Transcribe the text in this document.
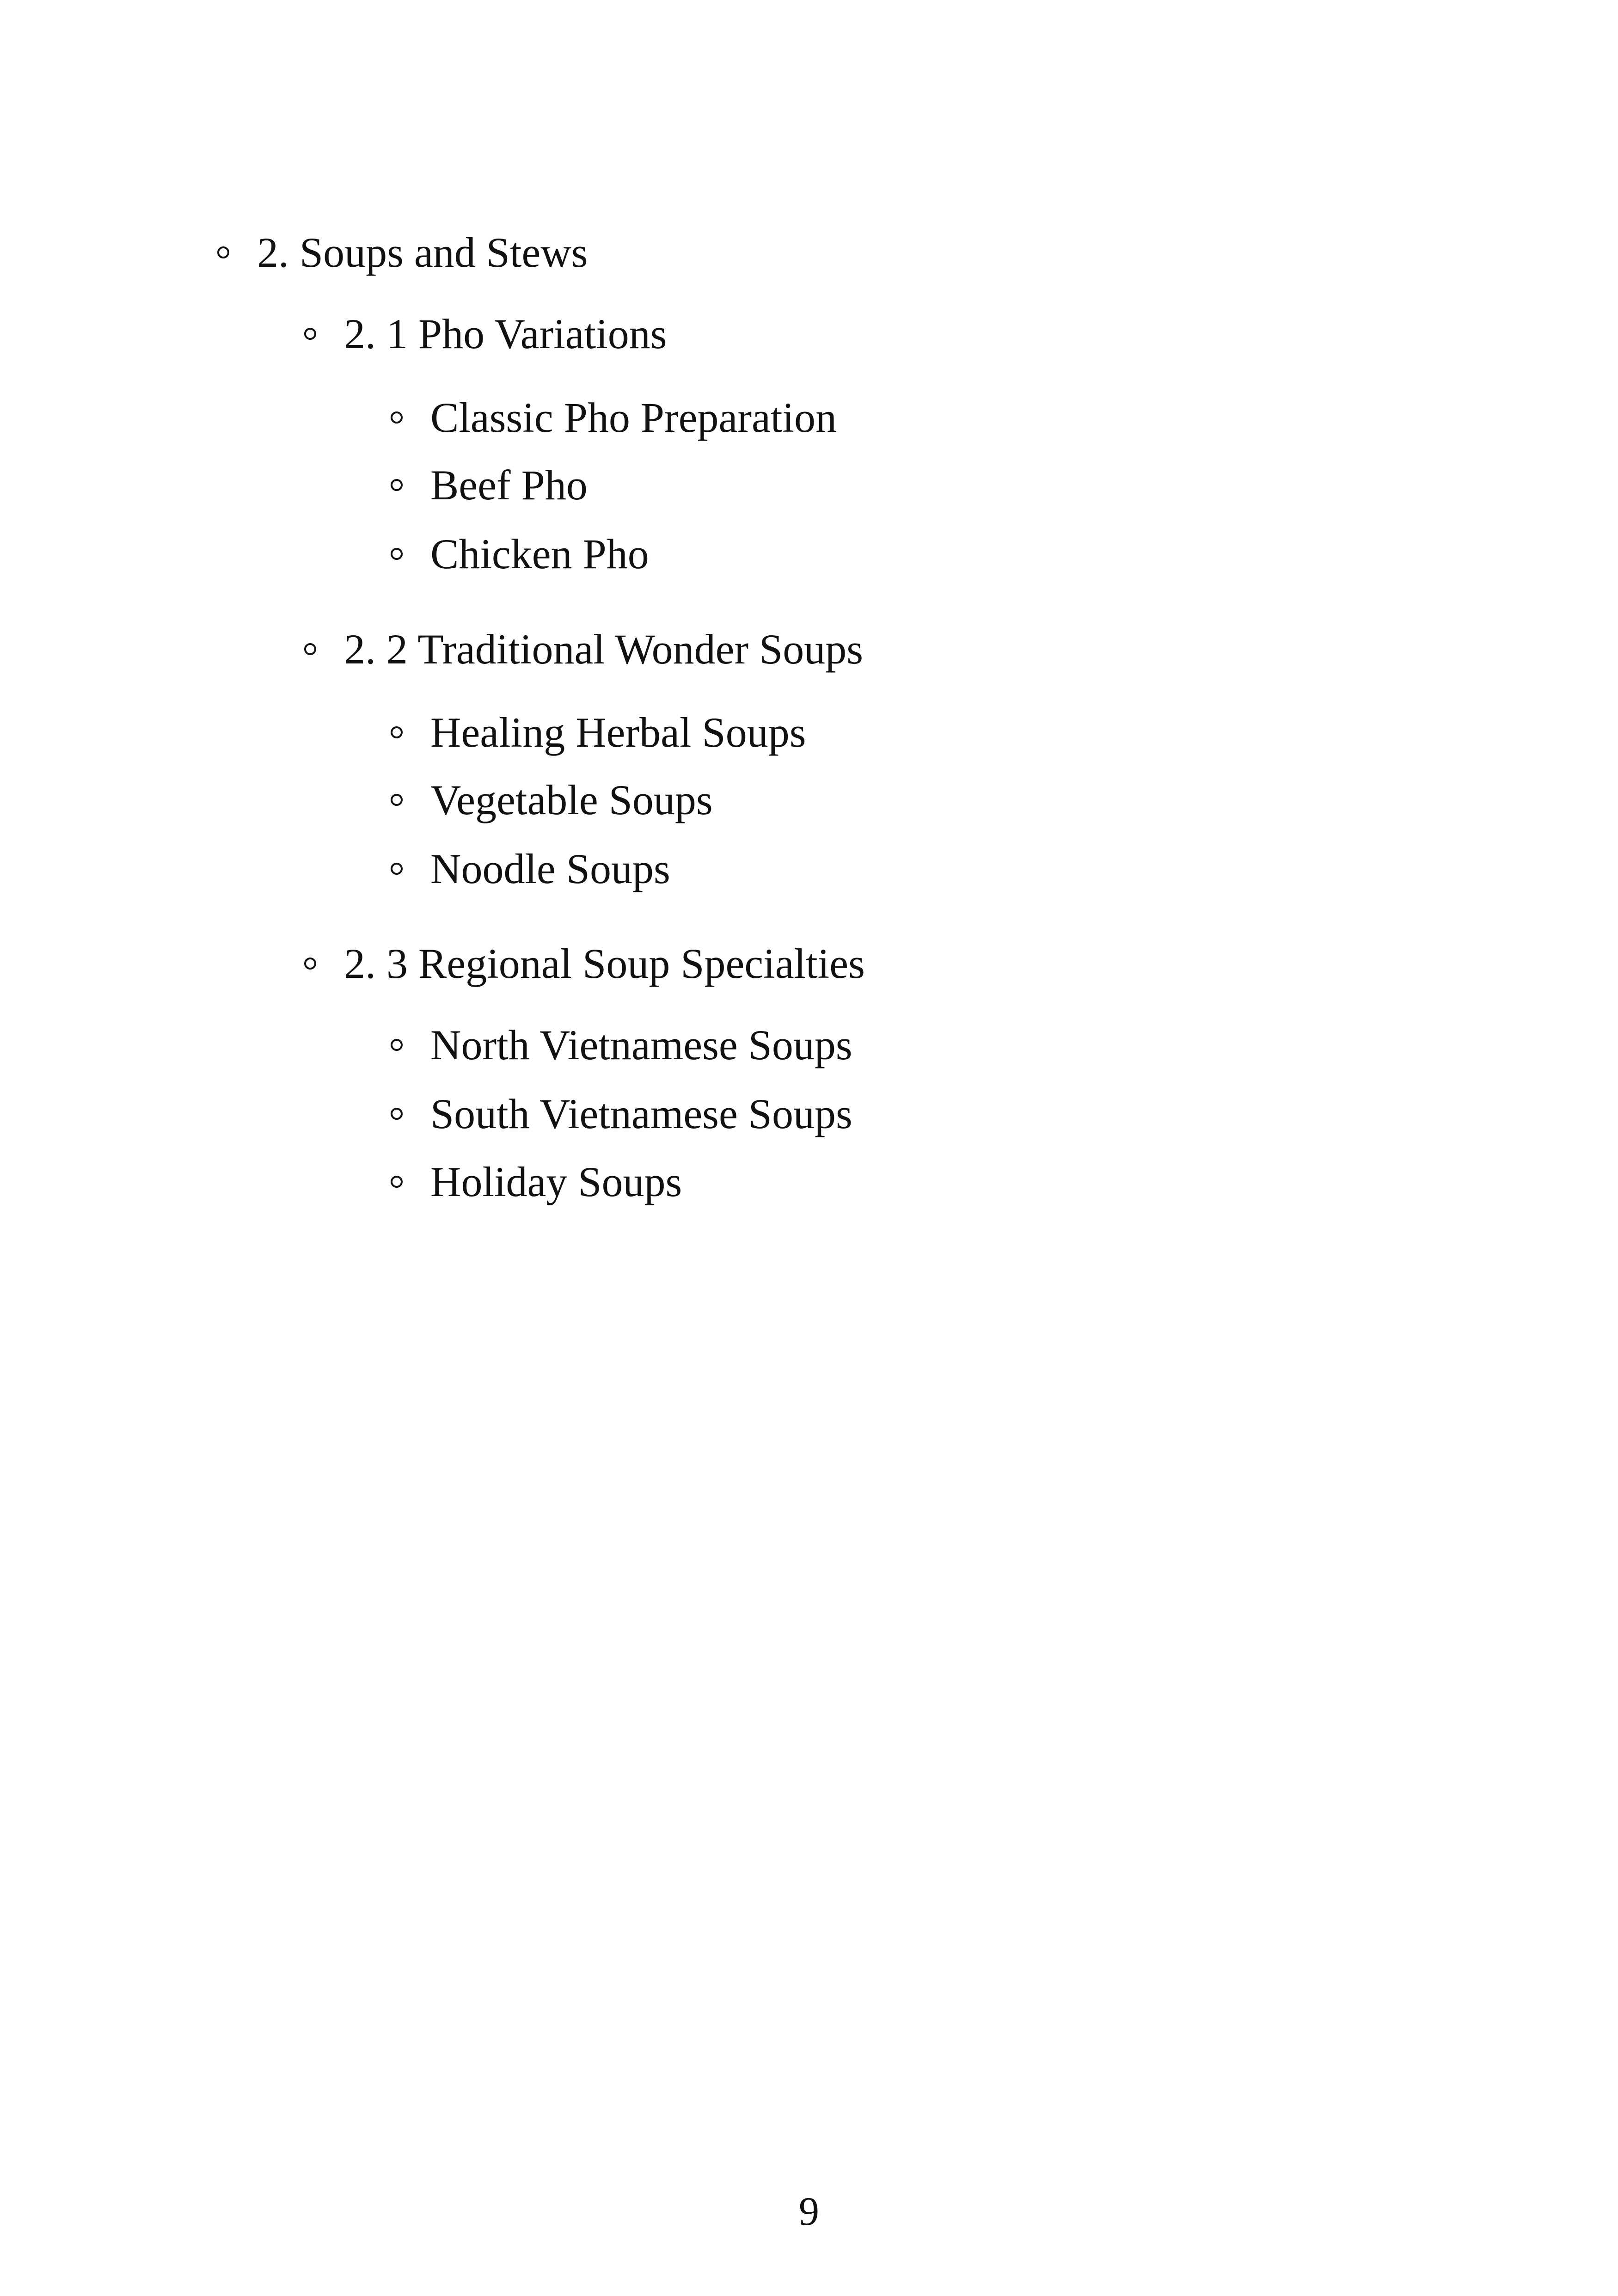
2. Soups and Stews
2. 1 Pho Variations
Classic Pho Preparation
Beef Pho
Chicken Pho
2. 2 Traditional Wonder Soups
Healing Herbal Soups
Vegetable Soups
Noodle Soups
2. 3 Regional Soup Specialties
North Vietnamese Soups
South Vietnamese Soups
Holiday Soups
9
